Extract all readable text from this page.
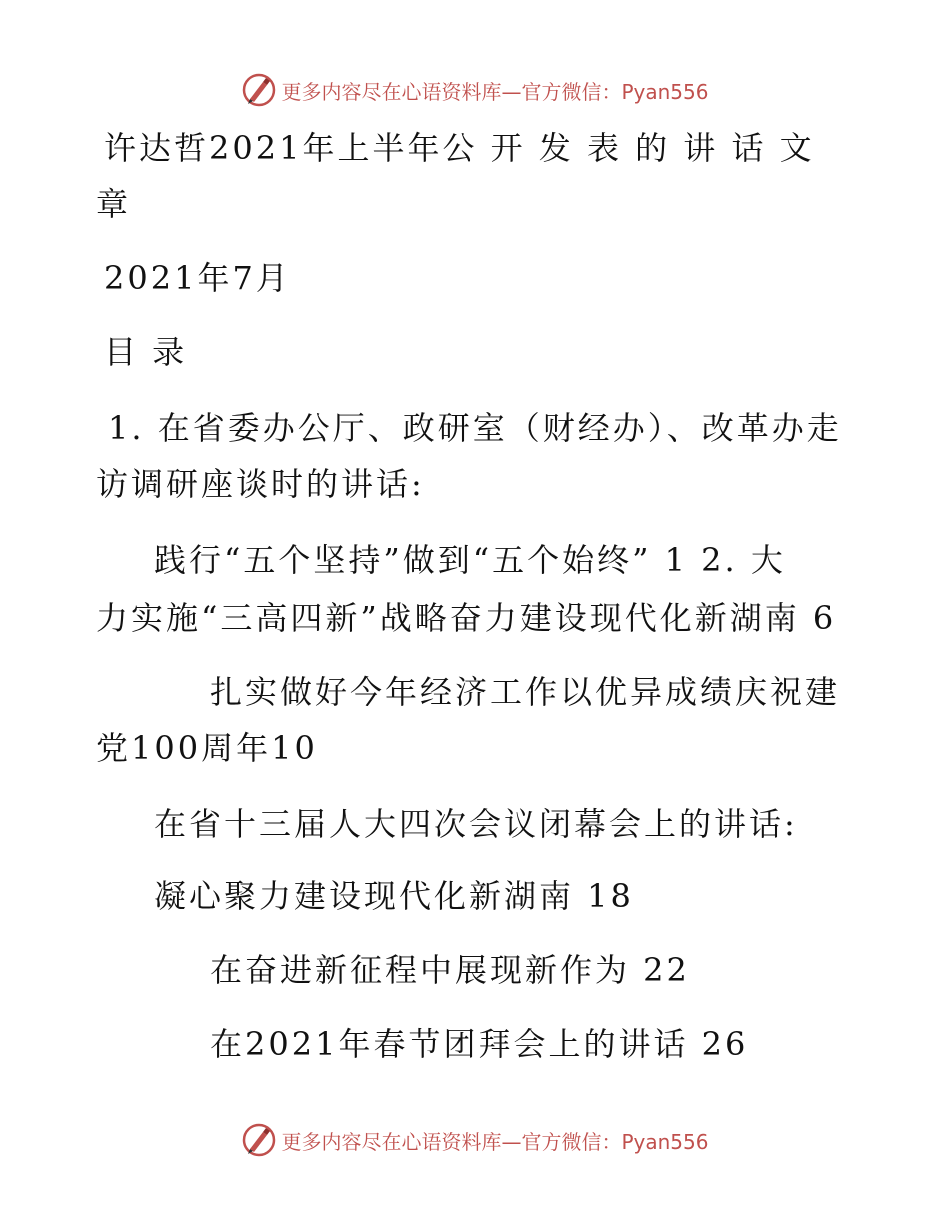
更多内容尽在心语资料库—官方微信：Pyan556
许达哲2021年上半年公 开 发 表 的 讲 话 文
章
2021年7月
目 录
1. 在省委办公厅、政研室（财经办）、改革办走
访调研座谈时的讲话:
践行“五个坚持”做到“五个始终” 1 2. 大
力实施“三高四新”战略奋力建设现代化新湖南 6
扎实做好今年经济工作以优异成绩庆祝建
党100周年10
在省十三届人大四次会议闭幕会上的讲话:
凝心聚力建设现代化新湖南 18
在奋进新征程中展现新作为 22
在2021年春节团拜会上的讲话 26
更多内容尽在心语资料库—官方微信：Pyan556
